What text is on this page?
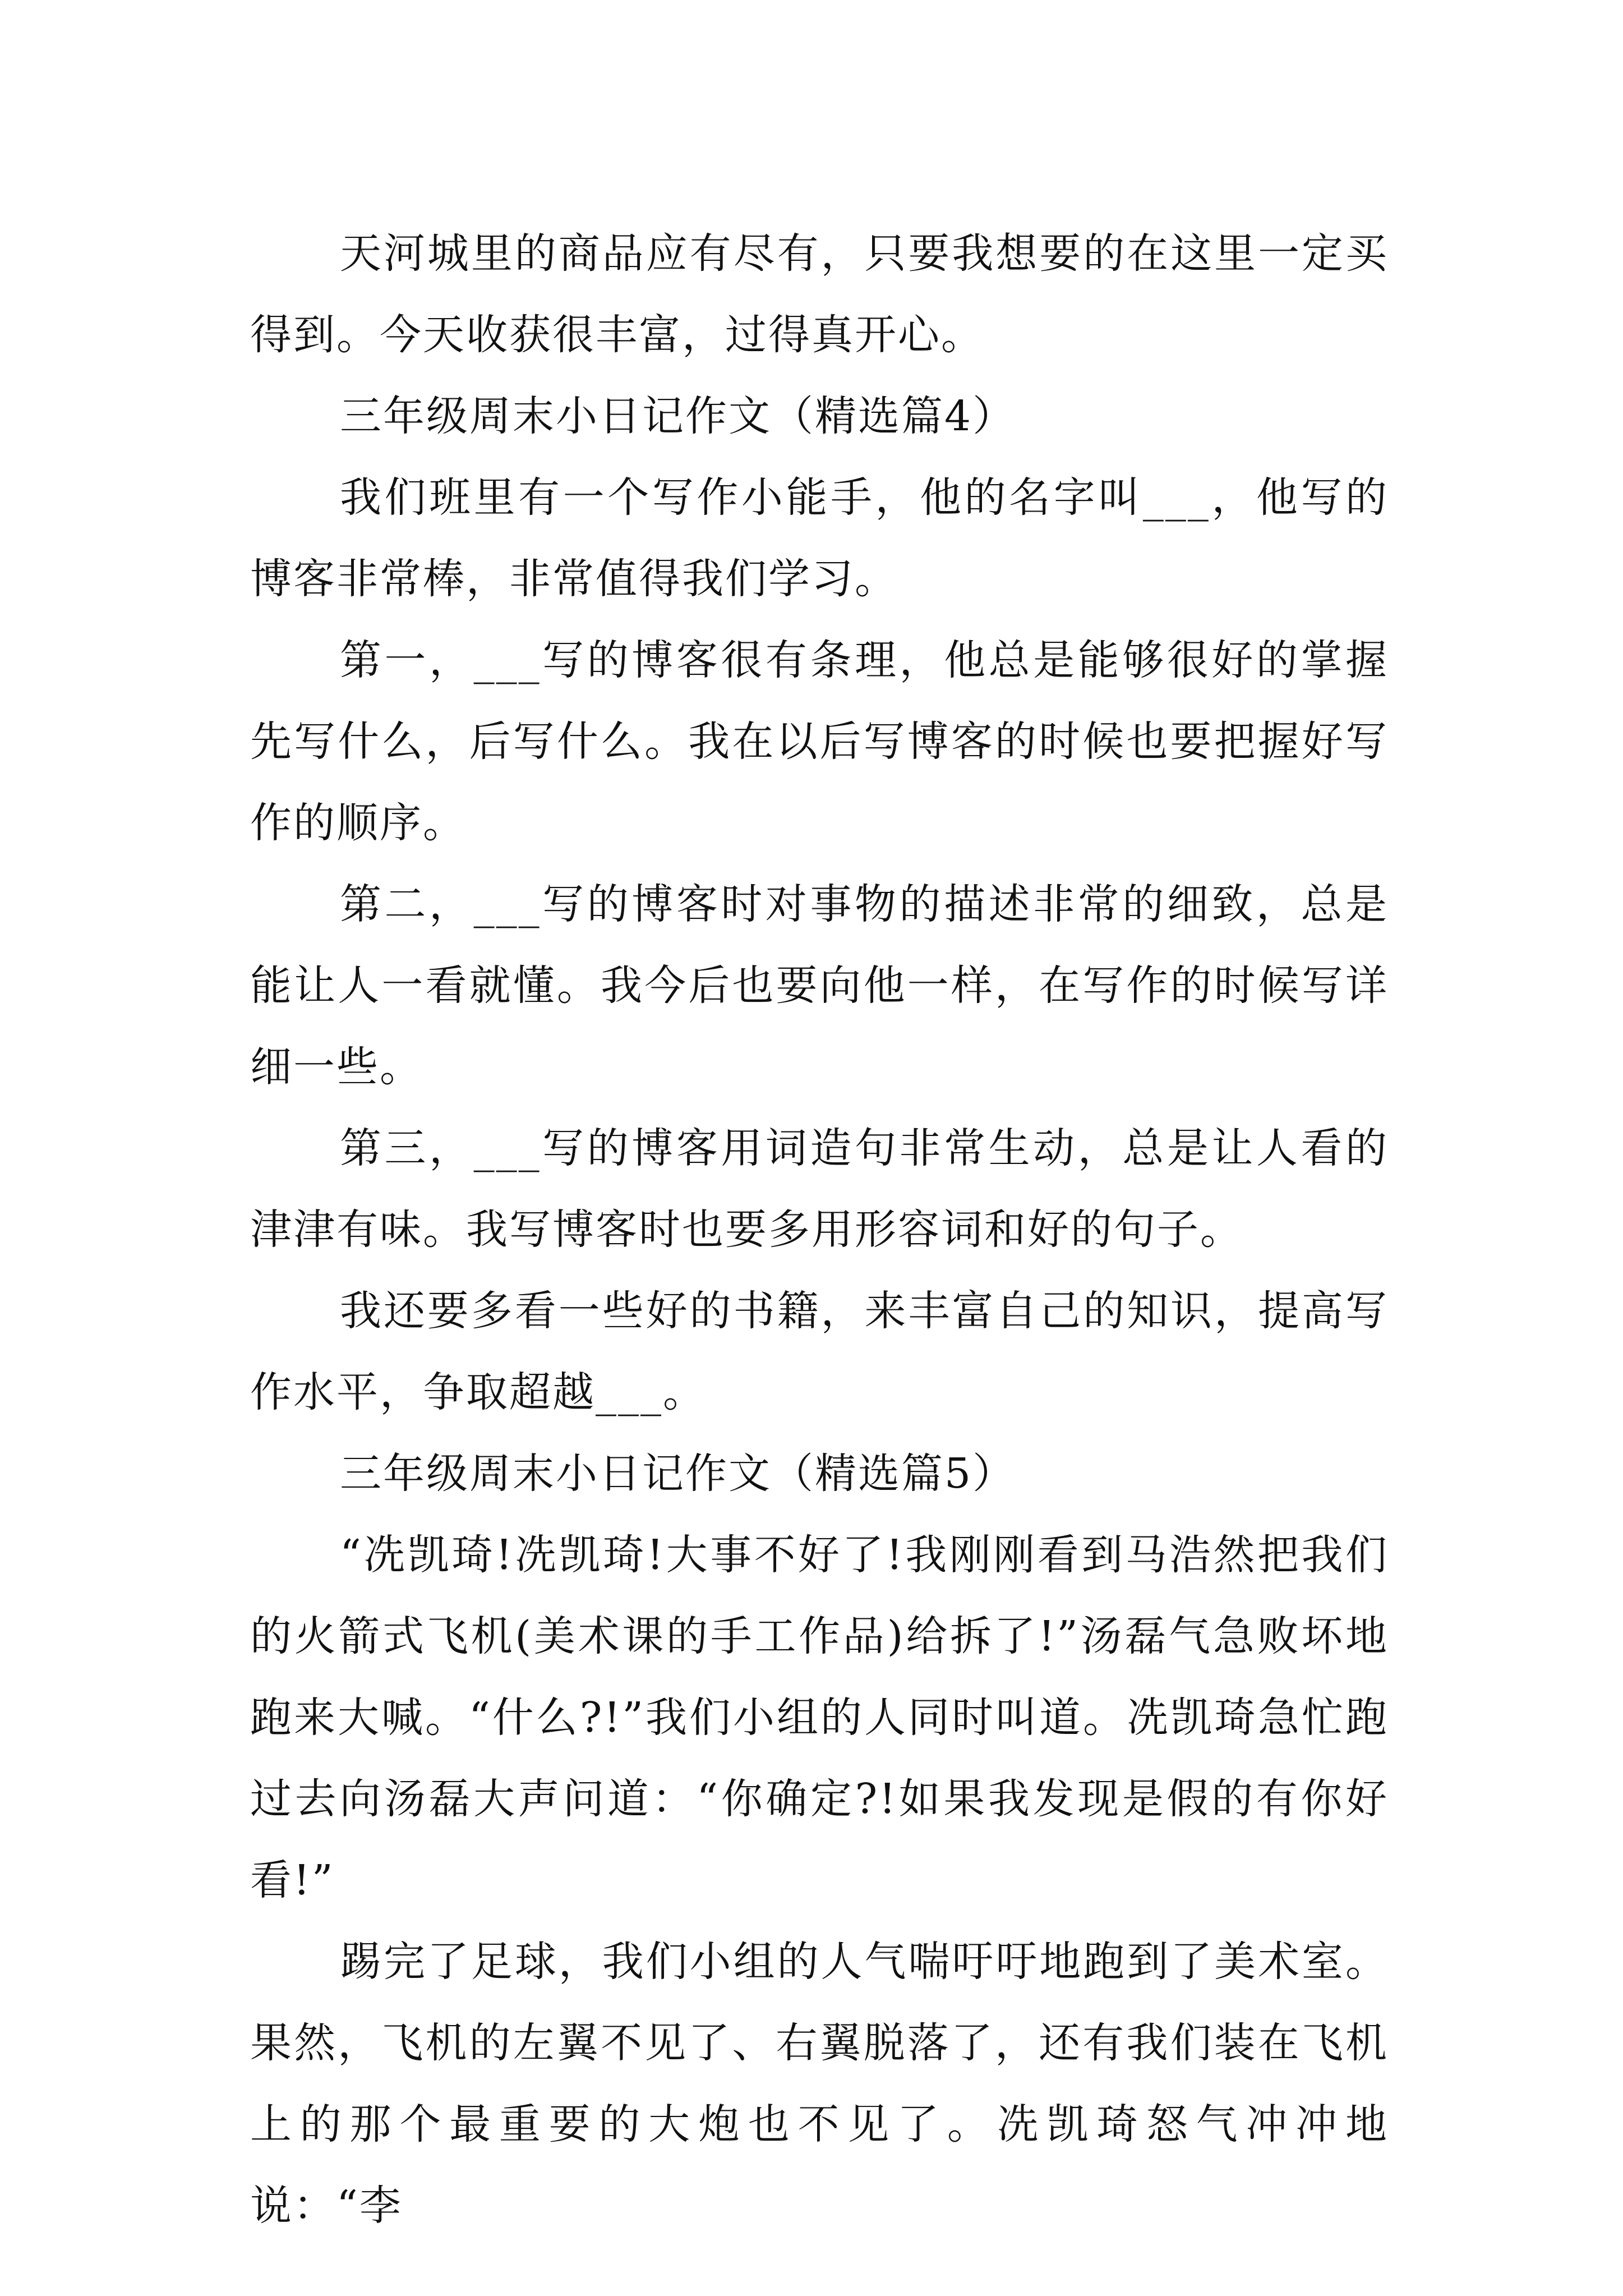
天河城里的商品应有尽有，只要我想要的在这里一定买得到。今天收获很丰富，过得真开心。

三年级周末小日记作文（精选篇4）

我们班里有一个写作小能手，他的名字叫___，他写的博客非常棒，非常值得我们学习。

第一，___写的博客很有条理，他总是能够很好的掌握先写什么，后写什么。我在以后写博客的时候也要把握好写作的顺序。

第二，___写的博客时对事物的描述非常的细致，总是能让人一看就懂。我今后也要向他一样，在写作的时候写详细一些。

第三，___写的博客用词造句非常生动，总是让人看的津津有味。我写博客时也要多用形容词和好的句子。

我还要多看一些好的书籍，来丰富自己的知识，提高写作水平，争取超越___。

三年级周末小日记作文（精选篇5）

“冼凯琦!冼凯琦!大事不好了!我刚刚看到马浩然把我们的火箭式飞机(美术课的手工作品)给拆了!”汤磊气急败坏地跑来大喊。“什么?!”我们小组的人同时叫道。冼凯琦急忙跑过去向汤磊大声问道：“你确定?!如果我发现是假的有你好看!”

踢完了足球，我们小组的人气喘吁吁地跑到了美术室。果然，飞机的左翼不见了、右翼脱落了，还有我们装在飞机上的那个最重要的大炮也不见了。冼凯琦怒气冲冲地说：“李
